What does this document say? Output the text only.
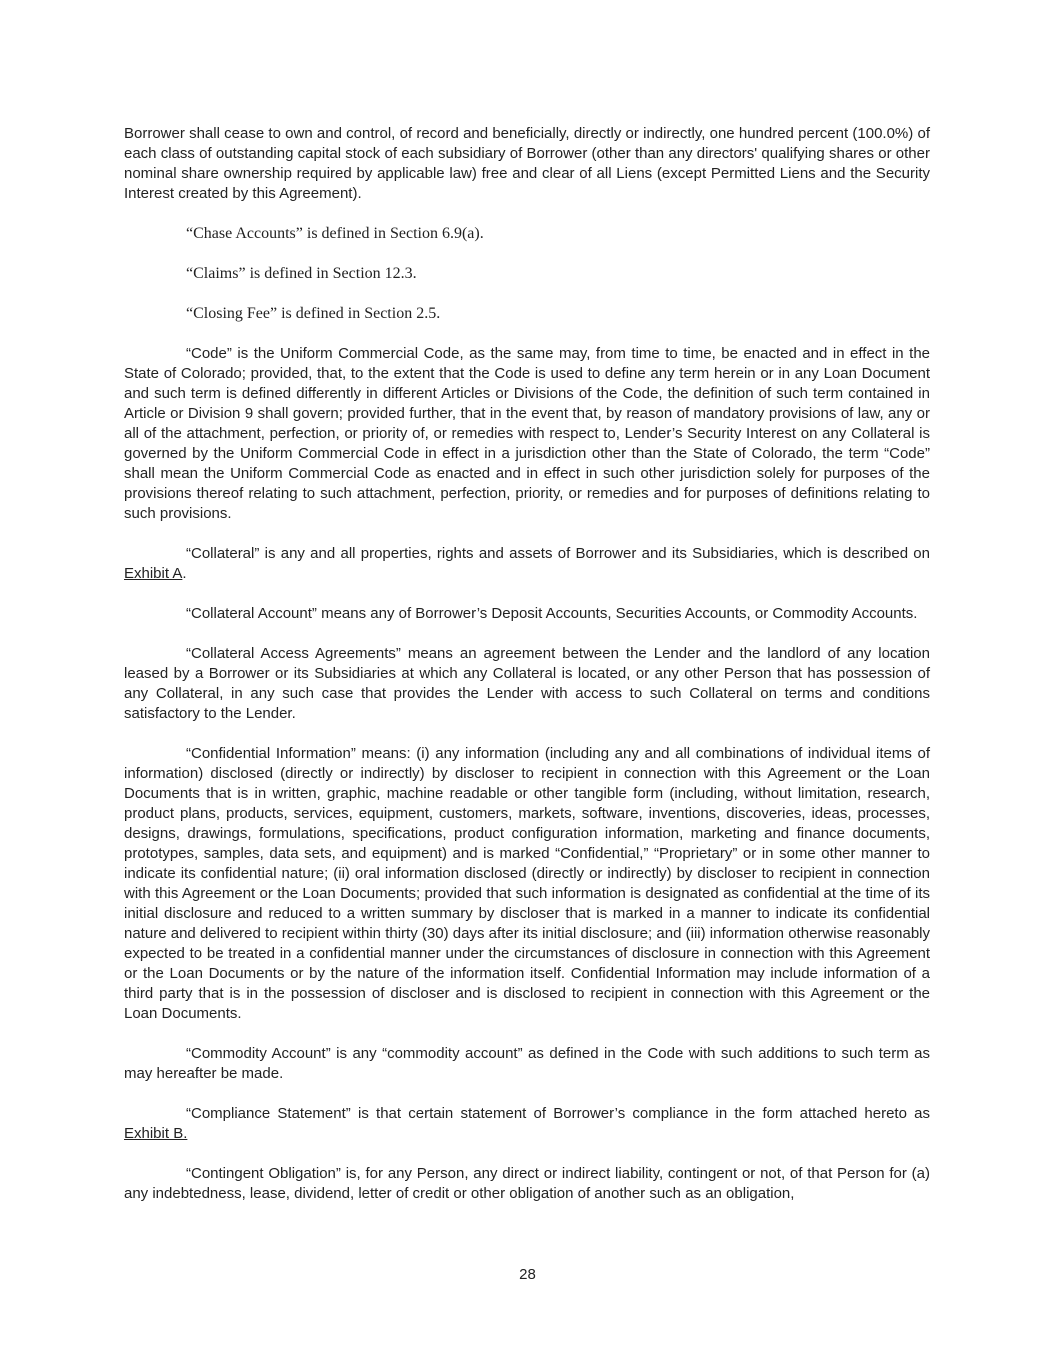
Borrower shall cease to own and control, of record and beneficially, directly or indirectly, one hundred percent (100.0%) of each class of outstanding capital stock of each subsidiary of Borrower (other than any directors' qualifying shares or other nominal share ownership required by applicable law) free and clear of all Liens (except Permitted Liens and the Security Interest created by this Agreement).

“Chase Accounts” is defined in Section 6.9(a).

“Claims” is defined in Section 12.3.

“Closing Fee” is defined in Section 2.5.

“Code” is the Uniform Commercial Code, as the same may, from time to time, be enacted and in effect in the State of Colorado; provided, that, to the extent that the Code is used to define any term herein or in any Loan Document and such term is defined differently in different Articles or Divisions of the Code, the definition of such term contained in Article or Division 9 shall govern; provided further, that in the event that, by reason of mandatory provisions of law, any or all of the attachment, perfection, or priority of, or remedies with respect to, Lender’s Security Interest on any Collateral is governed by the Uniform Commercial Code in effect in a jurisdiction other than the State of Colorado, the term “Code” shall mean the Uniform Commercial Code as enacted and in effect in such other jurisdiction solely for purposes of the provisions thereof relating to such attachment, perfection, priority, or remedies and for purposes of definitions relating to such provisions.

“Collateral” is any and all properties, rights and assets of Borrower and its Subsidiaries, which is described on Exhibit A.

“Collateral Account” means any of Borrower’s Deposit Accounts, Securities Accounts, or Commodity Accounts.

“Collateral Access Agreements” means an agreement between the Lender and the landlord of any location leased by a Borrower or its Subsidiaries at which any Collateral is located, or any other Person that has possession of any Collateral, in any such case that provides the Lender with access to such Collateral on terms and conditions satisfactory to the Lender.

“Confidential Information” means: (i) any information (including any and all combinations of individual items of information) disclosed (directly or indirectly) by discloser to recipient in connection with this Agreement or the Loan Documents that is in written, graphic, machine readable or other tangible form (including, without limitation, research, product plans, products, services, equipment, customers, markets, software, inventions, discoveries, ideas, processes, designs, drawings, formulations, specifications, product configuration information, marketing and finance documents, prototypes, samples, data sets, and equipment) and is marked “Confidential,” “Proprietary” or in some other manner to indicate its confidential nature; (ii) oral information disclosed (directly or indirectly) by discloser to recipient in connection with this Agreement or the Loan Documents; provided that such information is designated as confidential at the time of its initial disclosure and reduced to a written summary by discloser that is marked in a manner to indicate its confidential nature and delivered to recipient within thirty (30) days after its initial disclosure; and (iii) information otherwise reasonably expected to be treated in a confidential manner under the circumstances of disclosure in connection with this Agreement or the Loan Documents or by the nature of the information itself. Confidential Information may include information of a third party that is in the possession of discloser and is disclosed to recipient in connection with this Agreement or the Loan Documents.

“Commodity Account” is any “commodity account” as defined in the Code with such additions to such term as may hereafter be made.

“Compliance Statement” is that certain statement of Borrower’s compliance in the form attached hereto as Exhibit B.

“Contingent Obligation” is, for any Person, any direct or indirect liability, contingent or not, of that Person for (a) any indebtedness, lease, dividend, letter of credit or other obligation of another such as an obligation,

28
